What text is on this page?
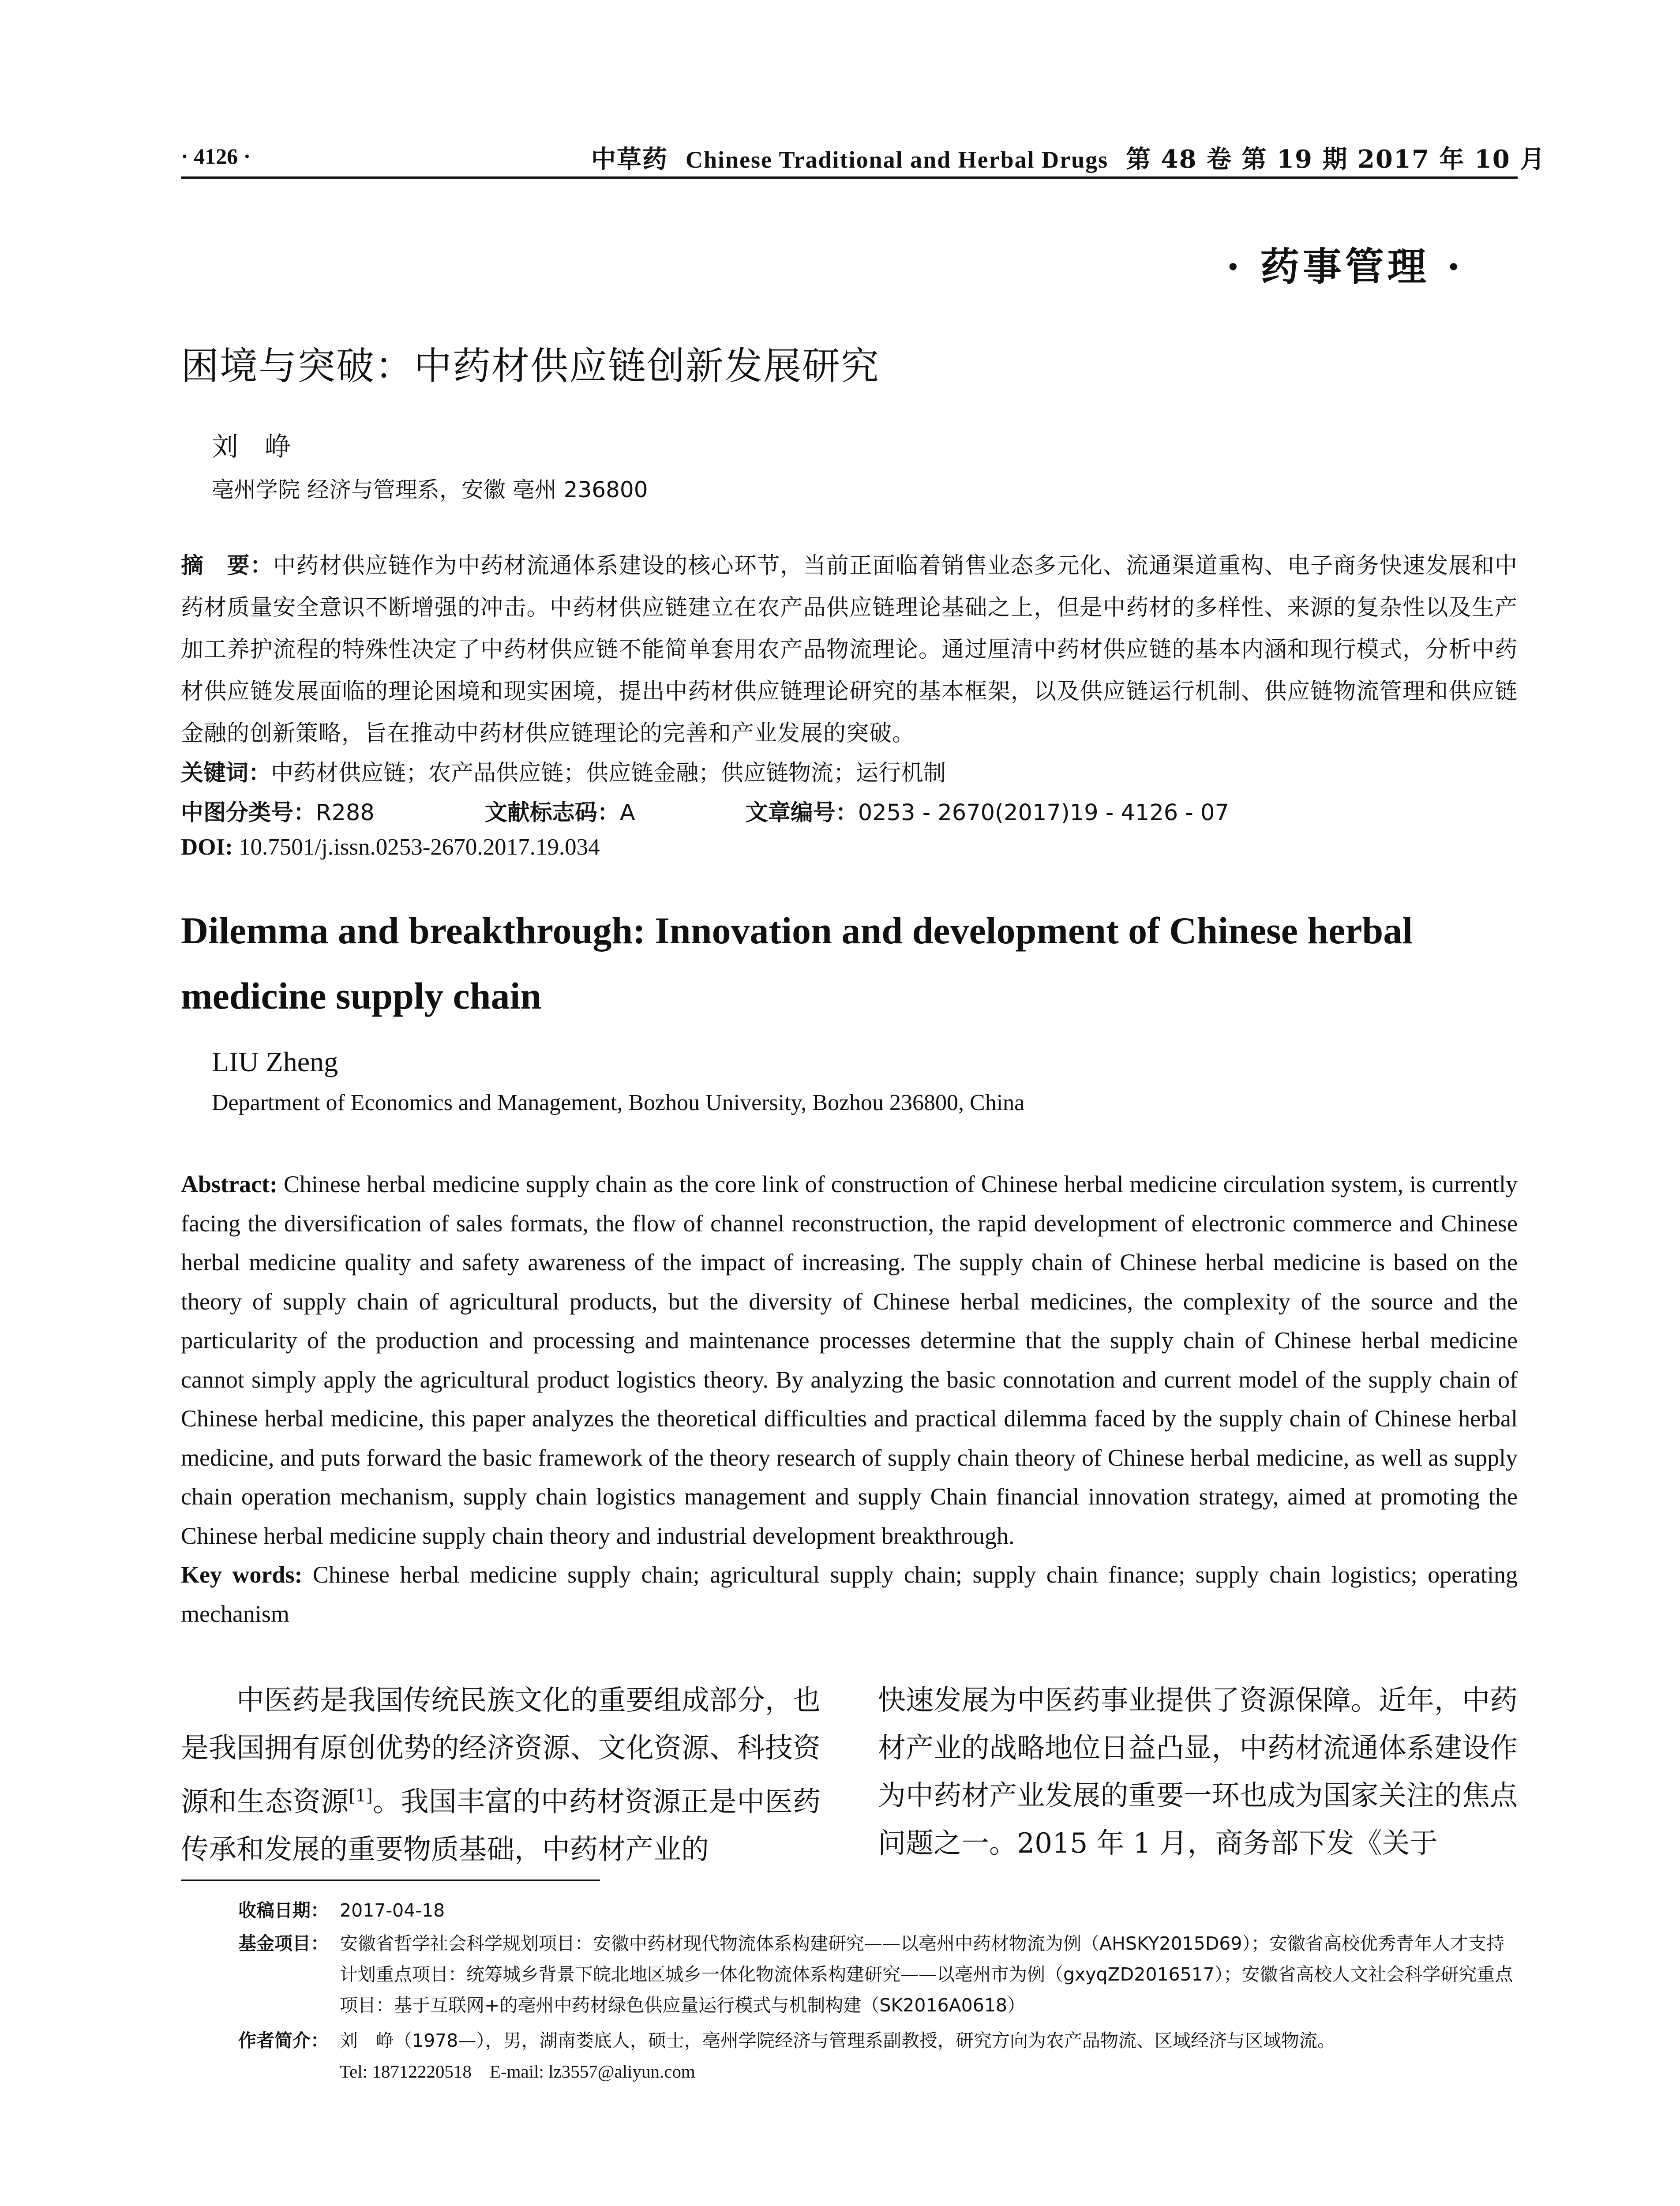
· 4126 ·	中草药 Chinese Traditional and Herbal Drugs 第 48 卷 第 19 期 2017 年 10 月
· 药事管理 ·
困境与突破：中药材供应链创新发展研究
刘峥
亳州学院 经济与管理系，安徽 亳州 236800
摘　要：中药材供应链作为中药材流通体系建设的核心环节，当前正面临着销售业态多元化、流通渠道重构、电子商务快速发展和中药材质量安全意识不断增强的冲击。中药材供应链建立在农产品供应链理论基础之上，但是中药材的多样性、来源的复杂性以及生产加工养护流程的特殊性决定了中药材供应链不能简单套用农产品物流理论。通过厘清中药材供应链的基本内涵和现行模式，分析中药材供应链发展面临的理论困境和现实困境，提出中药材供应链理论研究的基本框架，以及供应链运行机制、供应链物流管理和供应链金融的创新策略，旨在推动中药材供应链理论的完善和产业发展的突破。
关键词：中药材供应链；农产品供应链；供应链金融；供应链物流；运行机制
中图分类号：R288	文献标志码：A	文章编号：0253 - 2670(2017)19 - 4126 - 07
DOI: 10.7501/j.issn.0253-2670.2017.19.034
Dilemma and breakthrough: Innovation and development of Chinese herbal medicine supply chain
LIU Zheng
Department of Economics and Management, Bozhou University, Bozhou 236800, China
Abstract: Chinese herbal medicine supply chain as the core link of construction of Chinese herbal medicine circulation system, is currently facing the diversification of sales formats, the flow of channel reconstruction, the rapid development of electronic commerce and Chinese herbal medicine quality and safety awareness of the impact of increasing. The supply chain of Chinese herbal medicine is based on the theory of supply chain of agricultural products, but the diversity of Chinese herbal medicines, the complexity of the source and the particularity of the production and processing and maintenance processes determine that the supply chain of Chinese herbal medicine cannot simply apply the agricultural product logistics theory. By analyzing the basic connotation and current model of the supply chain of Chinese herbal medicine, this paper analyzes the theoretical difficulties and practical dilemma faced by the supply chain of Chinese herbal medicine, and puts forward the basic framework of the theory research of supply chain theory of Chinese herbal medicine, as well as supply chain operation mechanism, supply chain logistics management and supply Chain financial innovation strategy, aimed at promoting the Chinese herbal medicine supply chain theory and industrial development breakthrough.
Key words: Chinese herbal medicine supply chain; agricultural supply chain; supply chain finance; supply chain logistics; operating mechanism
中医药是我国传统民族文化的重要组成部分，也是我国拥有原创优势的经济资源、文化资源、科技资源和生态资源[1]。我国丰富的中药材资源正是中医药传承和发展的重要物质基础，中药材产业的
快速发展为中医药事业提供了资源保障。近年，中药材产业的战略地位日益凸显，中药材流通体系建设作为中药材产业发展的重要一环也成为国家关注的焦点问题之一。2015 年 1 月，商务部下发《关于
收稿日期： 2017-04-18
基金项目： 安徽省哲学社会科学规划项目：安徽中药材现代物流体系构建研究——以亳州中药材物流为例（AHSKY2015D69）；安徽省高校优秀青年人才支持计划重点项目：统筹城乡背景下皖北地区城乡一体化物流体系构建研究——以亳州市为例（gxyqZD2016517）；安徽省高校人文社会科学研究重点项目：基于互联网+的亳州中药材绿色供应量运行模式与机制构建（SK2016A0618）
作者简介： 刘　峥（1978—），男，湖南娄底人，硕士，亳州学院经济与管理系副教授，研究方向为农产品物流、区域经济与区域物流。
Tel: 18712220518　E-mail: lz3557@aliyun.com
